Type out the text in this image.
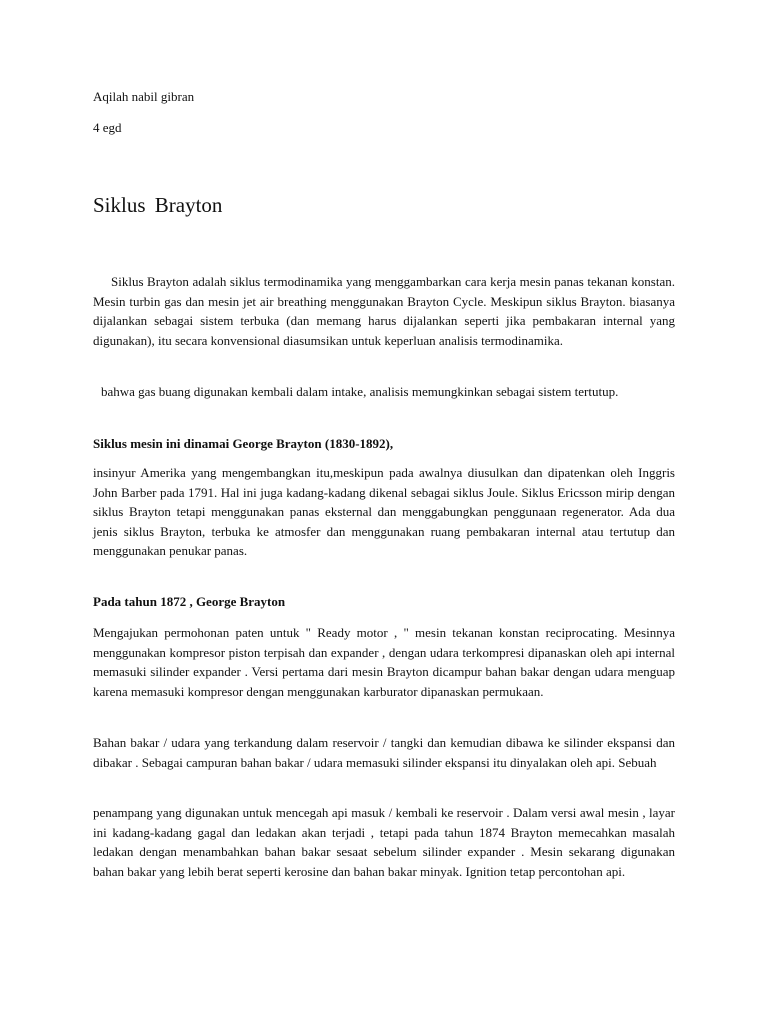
Aqilah nabil gibran
4 egd
Siklus Brayton

Siklus Brayton adalah siklus termodinamika yang menggambarkan cara kerja mesin panas tekanan konstan. Mesin turbin gas dan mesin jet air breathing menggunakan Brayton Cycle. Meskipun siklus Brayton. biasanya dijalankan sebagai sistem terbuka (dan memang harus dijalankan seperti jika pembakaran internal yang digunakan), itu secara konvensional diasumsikan untuk keperluan analisis termodinamika.

bahwa gas buang digunakan kembali dalam intake, analisis memungkinkan sebagai sistem tertutup.

Siklus mesin ini dinamai George Brayton (1830-1892),

insinyur Amerika yang mengembangkan itu,meskipun pada awalnya diusulkan dan dipatenkan oleh Inggris John Barber pada 1791. Hal ini juga kadang-kadang dikenal sebagai siklus Joule. Siklus Ericsson mirip dengan siklus Brayton tetapi menggunakan panas eksternal dan menggabungkan penggunaan regenerator. Ada dua jenis siklus Brayton, terbuka ke atmosfer dan menggunakan ruang pembakaran internal atau tertutup dan menggunakan penukar panas.

Pada tahun 1872 , George Brayton

Mengajukan permohonan paten untuk " Ready motor , " mesin tekanan konstan reciprocating. Mesinnya menggunakan kompresor piston terpisah dan expander , dengan udara terkompresi dipanaskan oleh api internal memasuki silinder expander . Versi pertama dari mesin Brayton dicampur bahan bakar dengan udara menguap karena memasuki kompresor dengan menggunakan karburator dipanaskan permukaan.

Bahan bakar / udara yang terkandung dalam reservoir / tangki dan kemudian dibawa ke silinder ekspansi dan dibakar . Sebagai campuran bahan bakar / udara memasuki silinder ekspansi itu dinyalakan oleh api. Sebuah

penampang yang digunakan untuk mencegah api masuk / kembali ke reservoir . Dalam versi awal mesin , layar ini kadang-kadang gagal dan ledakan akan terjadi , tetapi pada tahun 1874 Brayton memecahkan masalah ledakan dengan menambahkan bahan bakar sesaat sebelum silinder expander . Mesin sekarang digunakan bahan bakar yang lebih berat seperti kerosine dan bahan bakar minyak. Ignition tetap percontohan api.
